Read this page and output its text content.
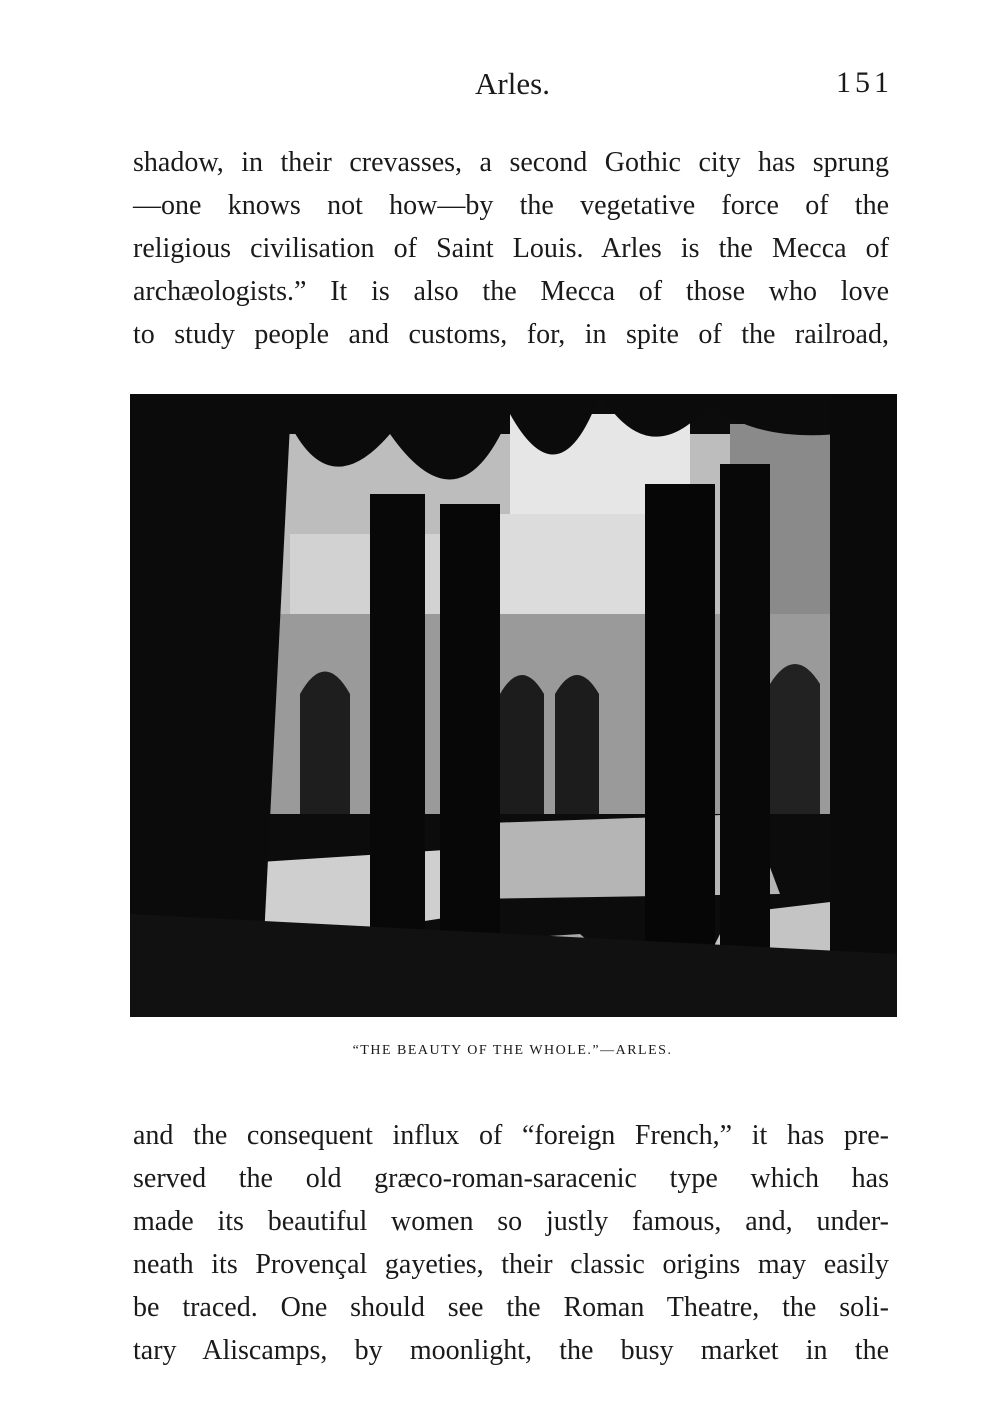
Arles.	151
shadow, in their crevasses, a second Gothic city has sprung
—one knows not how—by the vegetative force of the
religious civilisation of Saint Louis. Arles is the Mecca of
archæologists.” It is also the Mecca of those who love
to study people and customs, for, in spite of the railroad,
“THE BEAUTY OF THE WHOLE.”—ARLES.
and the consequent influx of “foreign French,” it has pre-
served the old græco-roman-saracenic type which has
made its beautiful women so justly famous, and, under-
neath its Provençal gayeties, their classic origins may easily
be traced. One should see the Roman Theatre, the soli-
tary Aliscamps, by moonlight, the busy market in the
